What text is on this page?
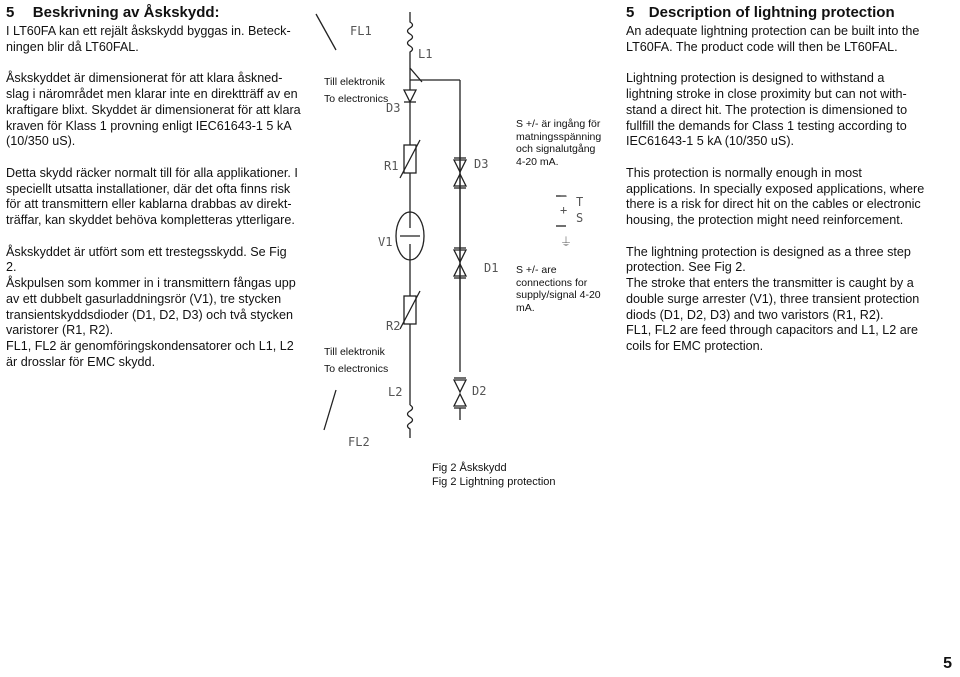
5 Beskrivning av Åskskydd:

I LT60FA kan ett rejält åskskydd byggas in. Beteck-
ningen blir då LT60FAL.

Åskskyddet är dimensionerat för att klara åskned-
slag i närområdet men klarar inte en direktträff av en
kraftigare blixt. Skyddet är dimensionerat för att klara
kraven för Klass 1 provning enligt IEC61643-1 5 kA
(10/350 uS).

Detta skydd räcker normalt till för alla applikationer. I
speciellt utsatta installationer, där det ofta finns risk
för att transmittern eller kablarna drabbas av direkt-
träffar, kan skyddet behöva kompletteras ytterligare.

Åskskyddet är utfört som ett trestegsskydd. Se Fig
2.
Åskpulsen som kommer in i transmittern fångas upp
av ett dubbelt gasurladdningsrör (V1), tre stycken
transientskyddsdioder (D1, D2, D3) och två stycken
varistorer (R1, R2).
FL1, FL2 är genomföringskondensatorer och L1, L2
är drosslar för EMC skydd.

FL1
L1
D3
D3
R1
V1
D1
R2
L2	D2
FL2
−
+
T
S
⏚
Till elektronik
To electronics
Till elektronik
To electronics
S +/- är ingång för
matningsspänning
och signalutgång
4-20 mA.
S +/- are
connections for
supply/signal 4-20
mA.
Fig 2 Åskskydd
Fig 2 Lightning protection
5 Description of lightning protection

An adequate lightning protection can be built into the
LT60FA. The product code will then be LT60FAL.

Lightning protection is designed to withstand a
lightning stroke in close proximity but can not with-
stand a direct hit. The protection is dimensioned to
fullfill the demands for Class 1 testing according to
IEC61643-1 5 kA (10/350 uS).

This protection is normally enough in most
applications. In specially exposed applications, where
there is a risk for direct hit on the cables or electronic
housing, the protection might need reinforcement.

The lightning protection is designed as a three step
protection. See Fig 2.
The stroke that enters the transmitter is caught by a
double surge arrester (V1), three transient protection
diods (D1, D2, D3) and two varistors (R1, R2).
FL1, FL2 are feed through capacitors and L1, L2 are
coils for EMC protection.

5
